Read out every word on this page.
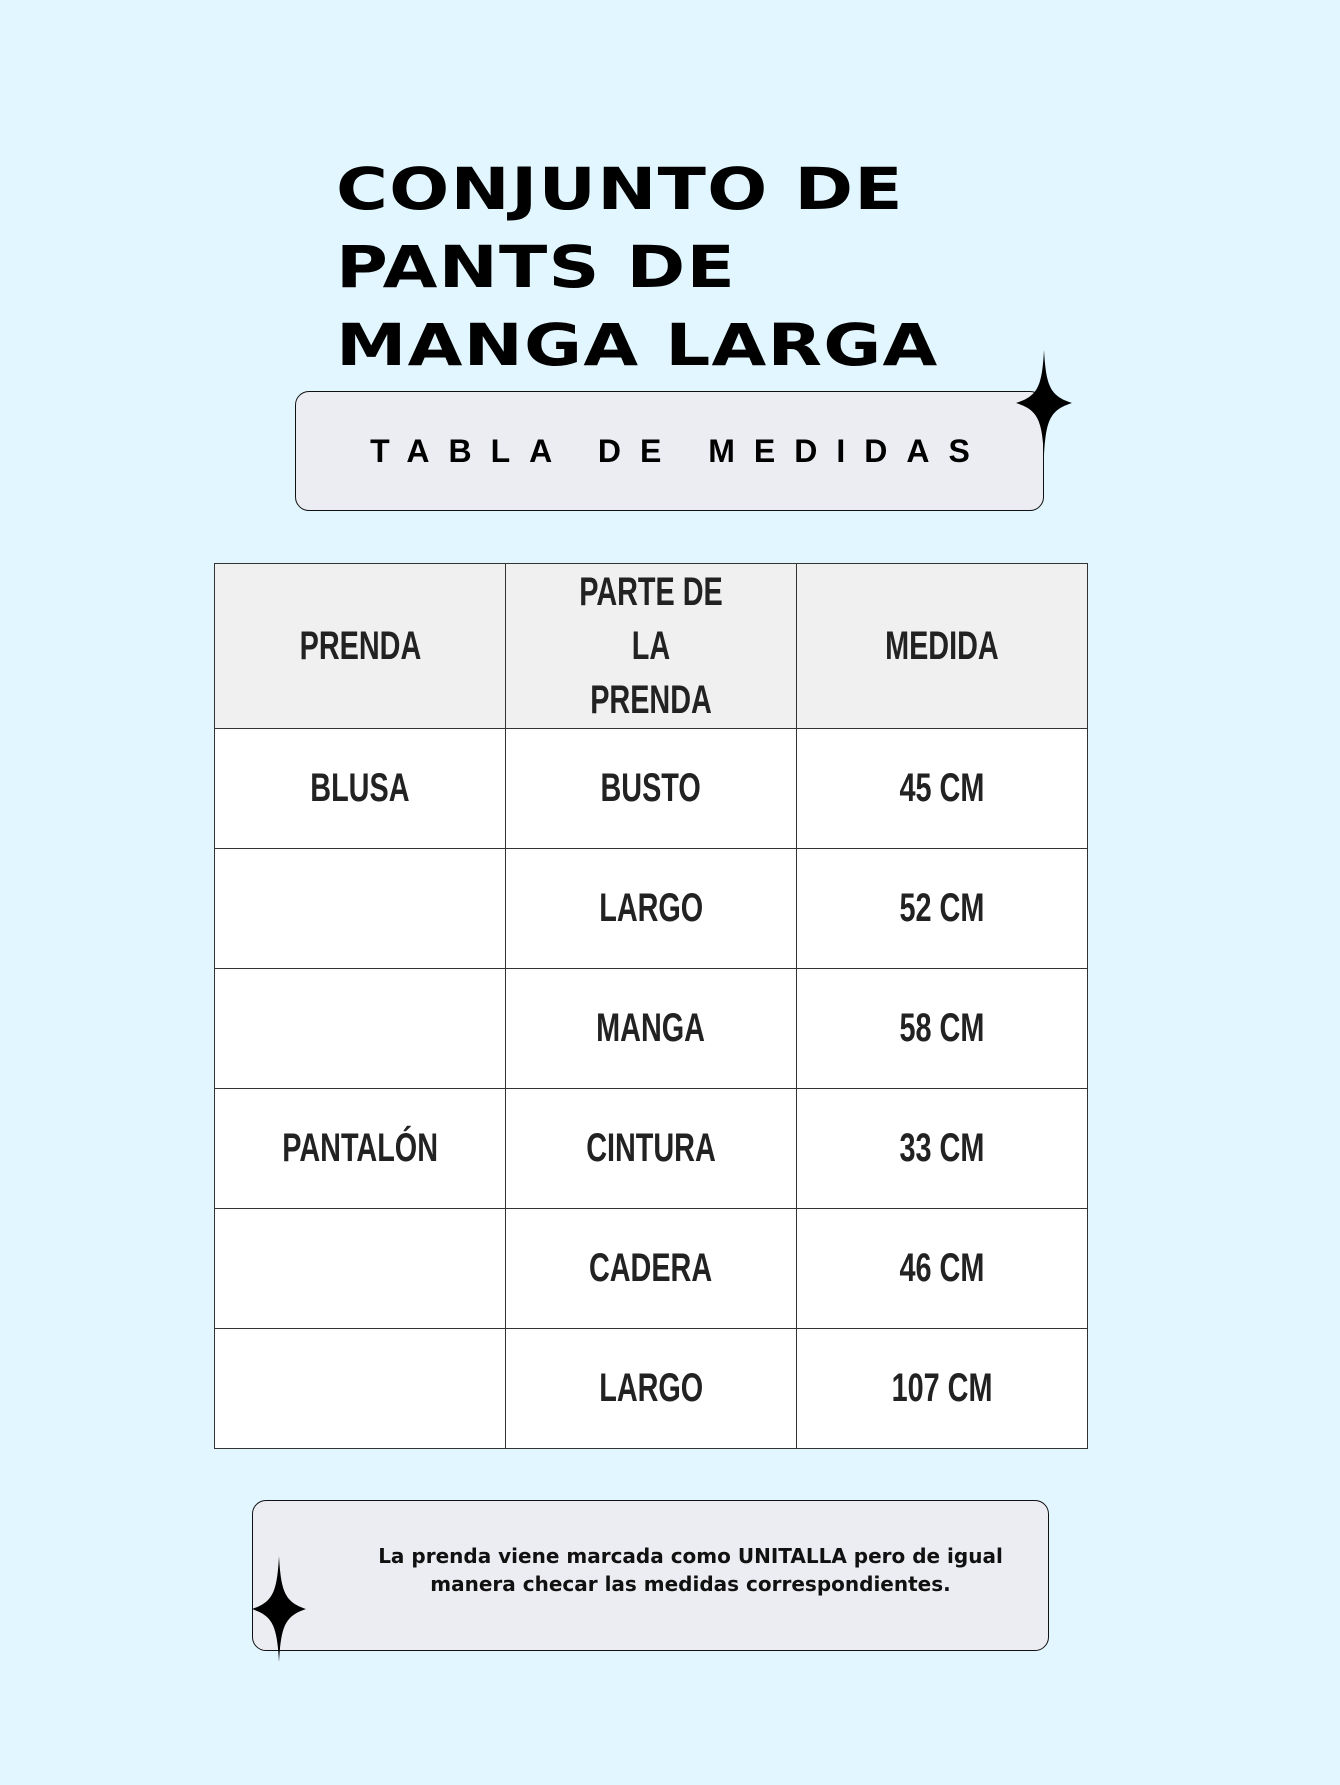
CONJUNTO DE
PANTS DE
MANGA LARGA
TABLA DE MEDIDAS
PRENDA	PARTE DE LA PRENDA	MEDIDA
BLUSA	BUSTO	45 CM
	LARGO	52 CM
	MANGA	58 CM
PANTALÓN	CINTURA	33 CM
	CADERA	46 CM
	LARGO	107 CM
La prenda viene marcada como UNITALLA pero de igual manera checar las medidas correspondientes.
